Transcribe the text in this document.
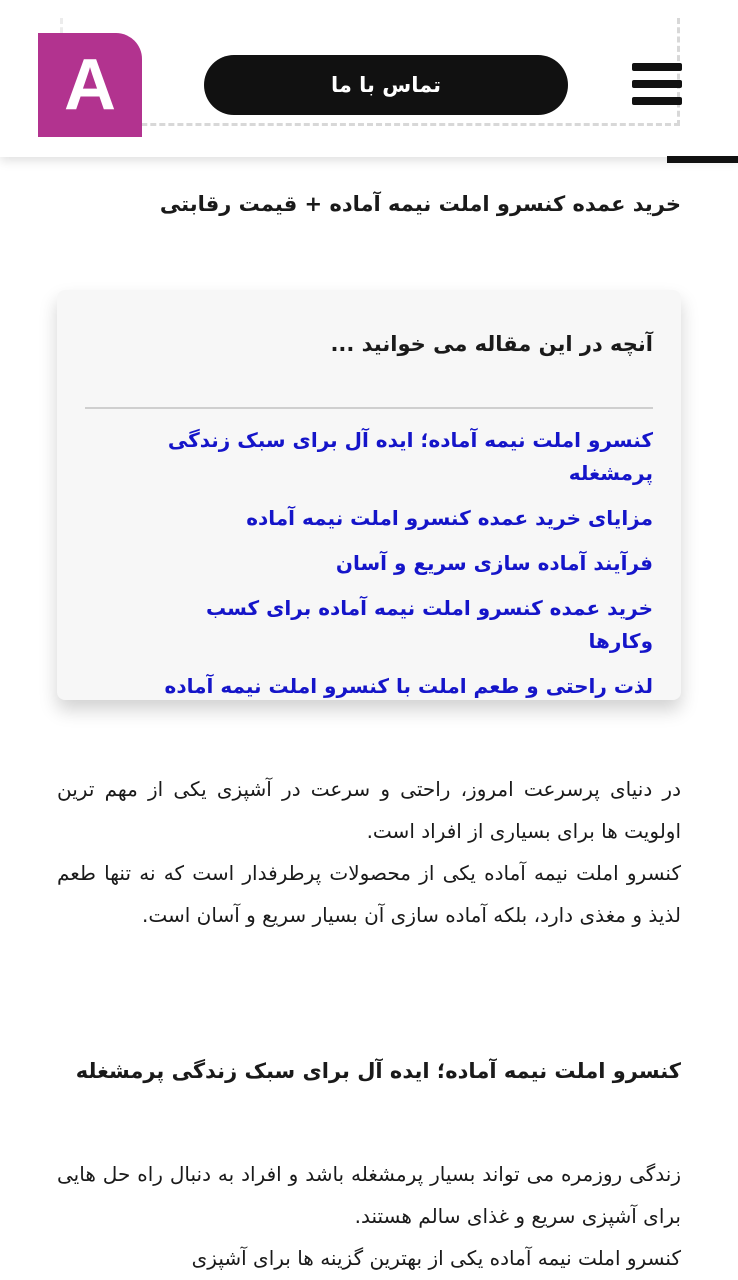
A	تماس با ما
خرید عمده کنسرو املت نیمه آماده + قیمت رقابتی
آنچه در این مقاله می خوانید ...
کنسرو املت نیمه آماده؛ ایده آل برای سبک زندگی پرمشغله
مزایای خرید عمده کنسرو املت نیمه آماده
فرآیند آماده سازی سریع و آسان
خرید عمده کنسرو املت نیمه آماده برای کسب وکارها
لذت راحتی و طعم املت با کنسرو املت نیمه آماده
در دنیای پرسرعت امروز، راحتی و سرعت در آشپزی یکی از مهم ترین اولویت ها برای بسیاری از افراد است.
کنسرو املت نیمه آماده یکی از محصولات پرطرفدار است که نه تنها طعم لذیذ و مغذی دارد، بلکه آماده سازی آن بسیار سریع و آسان است.
کنسرو املت نیمه آماده؛ ایده آل برای سبک زندگی پرمشغله
زندگی روزمره می تواند بسیار پرمشغله باشد و افراد به دنبال راه حل هایی برای آشپزی سریع و غذای سالم هستند.
کنسرو املت نیمه آماده یکی از بهترین گزینه ها برای آشپزی
